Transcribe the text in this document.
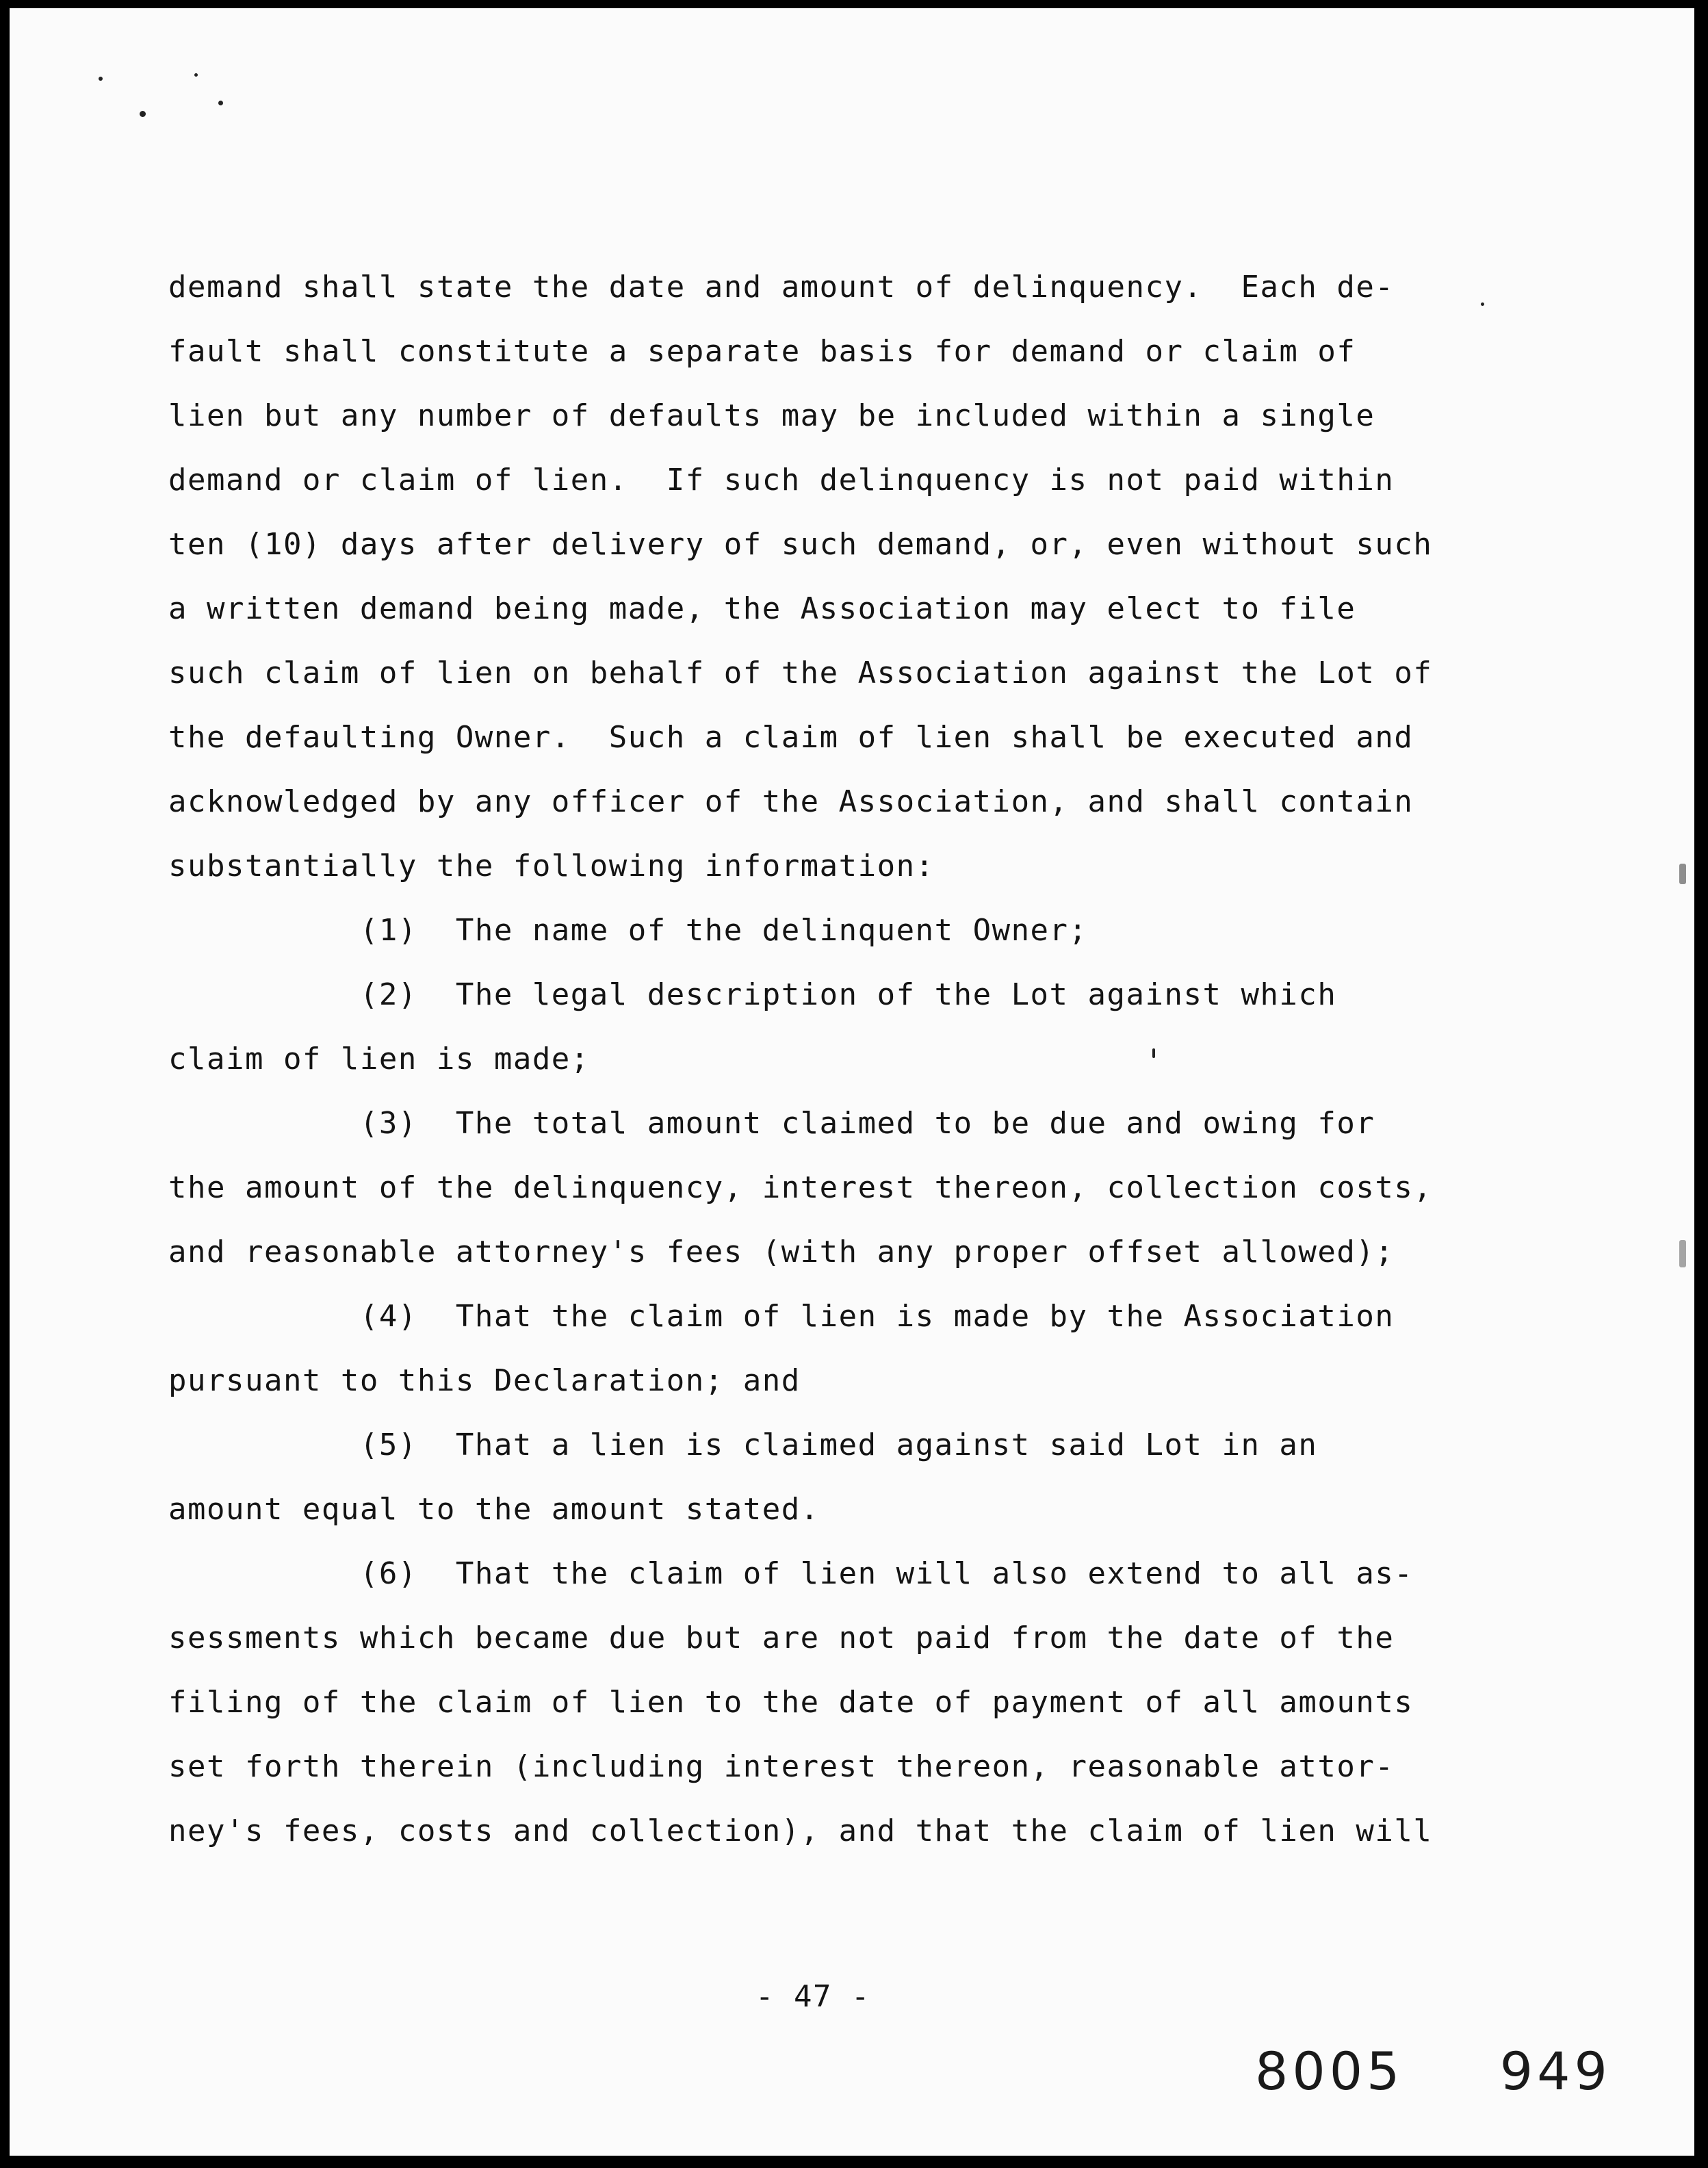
demand shall state the date and amount of delinquency.  Each de-

fault shall constitute a separate basis for demand or claim of

lien but any number of defaults may be included within a single

demand or claim of lien.  If such delinquency is not paid within

ten (10) days after delivery of such demand, or, even without such

a written demand being made, the Association may elect to file

such claim of lien on behalf of the Association against the Lot of

the defaulting Owner.  Such a claim of lien shall be executed and

acknowledged by any officer of the Association, and shall contain

substantially the following information:

(1)  The name of the delinquent Owner;

(2)  The legal description of the Lot against which

claim of lien is made;

(3)  The total amount claimed to be due and owing for

the amount of the delinquency, interest thereon, collection costs,

and reasonable attorney's fees (with any proper offset allowed);

(4)  That the claim of lien is made by the Association

pursuant to this Declaration; and

(5)  That a lien is claimed against said Lot in an

amount equal to the amount stated.

(6)  That the claim of lien will also extend to all as-

sessments which became due but are not paid from the date of the

filing of the claim of lien to the date of payment of all amounts

set forth therein (including interest thereon, reasonable attor-

ney's fees, costs and collection), and that the claim of lien will

- 47 -
8005  949
